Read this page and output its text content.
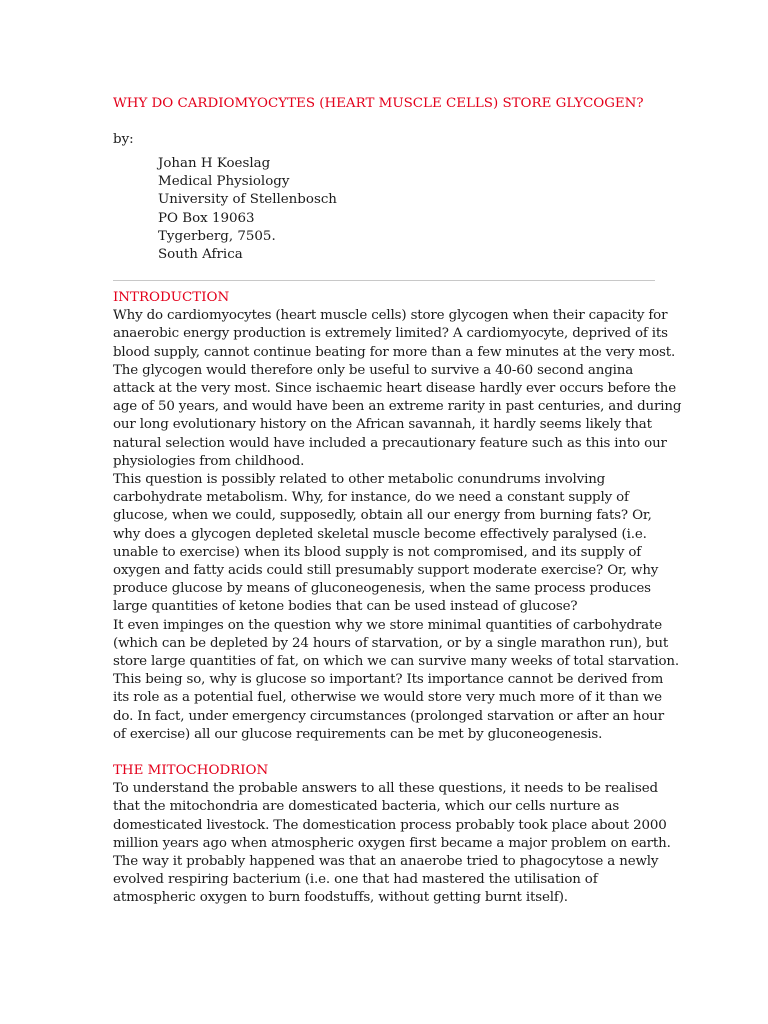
WHY DO CARDIOMYOCYTES (HEART MUSCLE CELLS) STORE GLYCOGEN?
by:
Johan H Koeslag
Medical Physiology
University of Stellenbosch
PO Box 19063
Tygerberg, 7505.
South Africa
INTRODUCTION
Why do cardiomyocytes (heart muscle cells) store glycogen when their capacity for
anaerobic energy production is extremely limited? A cardiomyocyte, deprived of its
blood supply, cannot continue beating for more than a few minutes at the very most.
The glycogen would therefore only be useful to survive a 40-60 second angina
attack at the very most. Since ischaemic heart disease hardly ever occurs before the
age of 50 years, and would have been an extreme rarity in past centuries, and during
our long evolutionary history on the African savannah, it hardly seems likely that
natural selection would have included a precautionary feature such as this into our
physiologies from childhood.
This question is possibly related to other metabolic conundrums involving
carbohydrate metabolism. Why, for instance, do we need a constant supply of
glucose, when we could, supposedly, obtain all our energy from burning fats? Or,
why does a glycogen depleted skeletal muscle become effectively paralysed (i.e.
unable to exercise) when its blood supply is not compromised, and its supply of
oxygen and fatty acids could still presumably support moderate exercise? Or, why
produce glucose by means of gluconeogenesis, when the same process produces
large quantities of ketone bodies that can be used instead of glucose?
It even impinges on the question why we store minimal quantities of carbohydrate
(which can be depleted by 24 hours of starvation, or by a single marathon run), but
store large quantities of fat, on which we can survive many weeks of total starvation.
This being so, why is glucose so important? Its importance cannot be derived from
its role as a potential fuel, otherwise we would store very much more of it than we
do. In fact, under emergency circumstances (prolonged starvation or after an hour
of exercise) all our glucose requirements can be met by gluconeogenesis.
THE MITOCHODRION
To understand the probable answers to all these questions, it needs to be realised
that the mitochondria are domesticated bacteria, which our cells nurture as
domesticated livestock. The domestication process probably took place about 2000
million years ago when atmospheric oxygen first became a major problem on earth.
The way it probably happened was that an anaerobe tried to phagocytose a newly
evolved respiring bacterium (i.e. one that had mastered the utilisation of
atmospheric oxygen to burn foodstuffs, without getting burnt itself).
